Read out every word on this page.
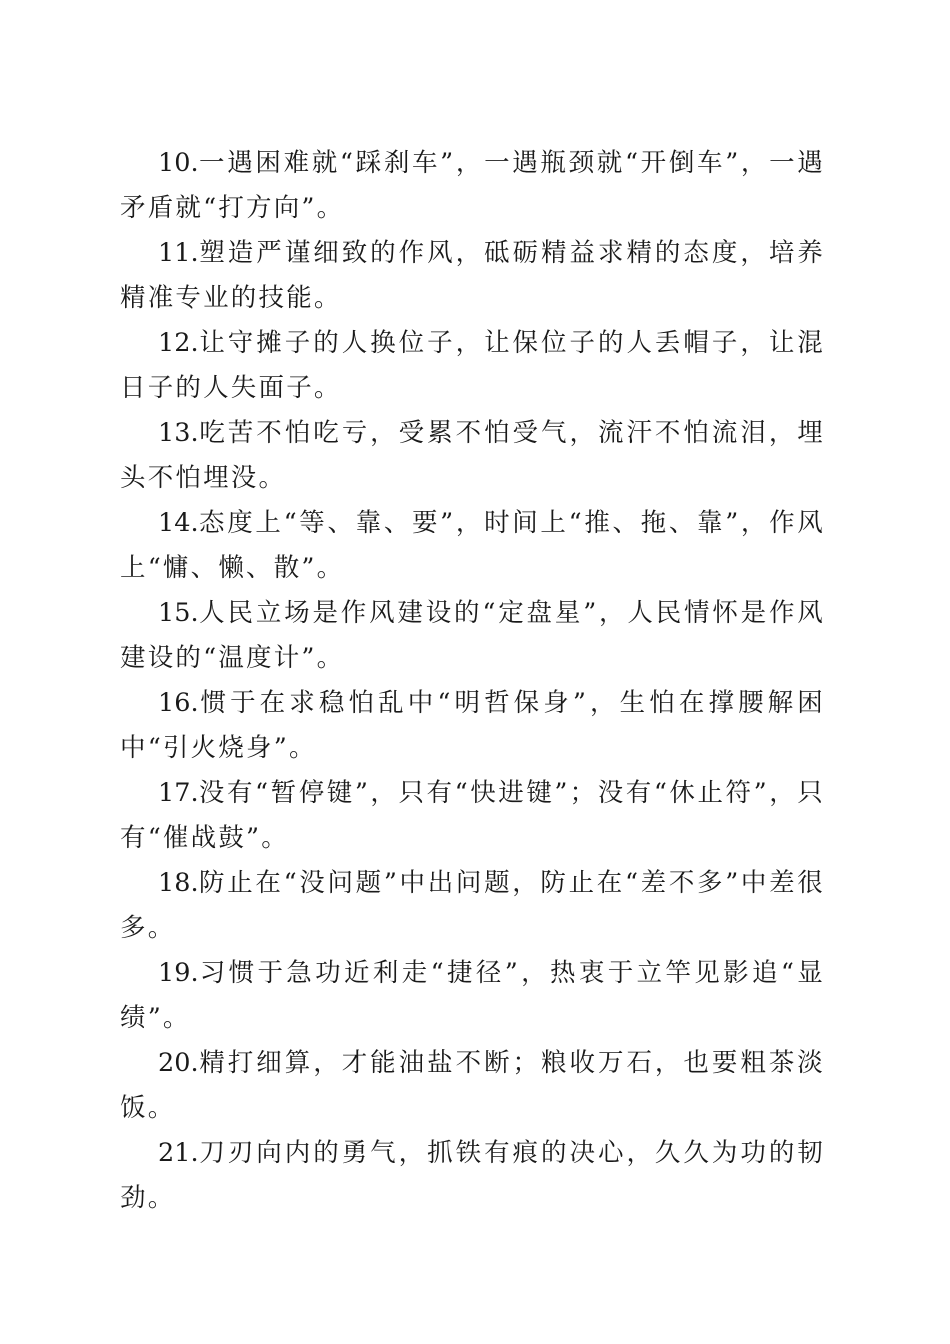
10.一遇困难就“踩刹车”，一遇瓶颈就“开倒车”，一遇矛盾就“打方向”。

11.塑造严谨细致的作风，砥砺精益求精的态度，培养精准专业的技能。

12.让守摊子的人换位子，让保位子的人丢帽子，让混日子的人失面子。

13.吃苦不怕吃亏，受累不怕受气，流汗不怕流泪，埋头不怕埋没。

14.态度上“等、靠、要”，时间上“推、拖、靠”，作风上“慵、懒、散”。

15.人民立场是作风建设的“定盘星”，人民情怀是作风建设的“温度计”。

16.惯于在求稳怕乱中“明哲保身”，生怕在撑腰解困中“引火烧身”。

17.没有“暂停键”，只有“快进键”；没有“休止符”，只有“催战鼓”。

18.防止在“没问题”中出问题，防止在“差不多”中差很多。

19.习惯于急功近利走“捷径”，热衷于立竿见影追“显绩”。

20.精打细算，才能油盐不断；粮收万石，也要粗茶淡饭。

21.刀刃向内的勇气，抓铁有痕的决心，久久为功的韧劲。
